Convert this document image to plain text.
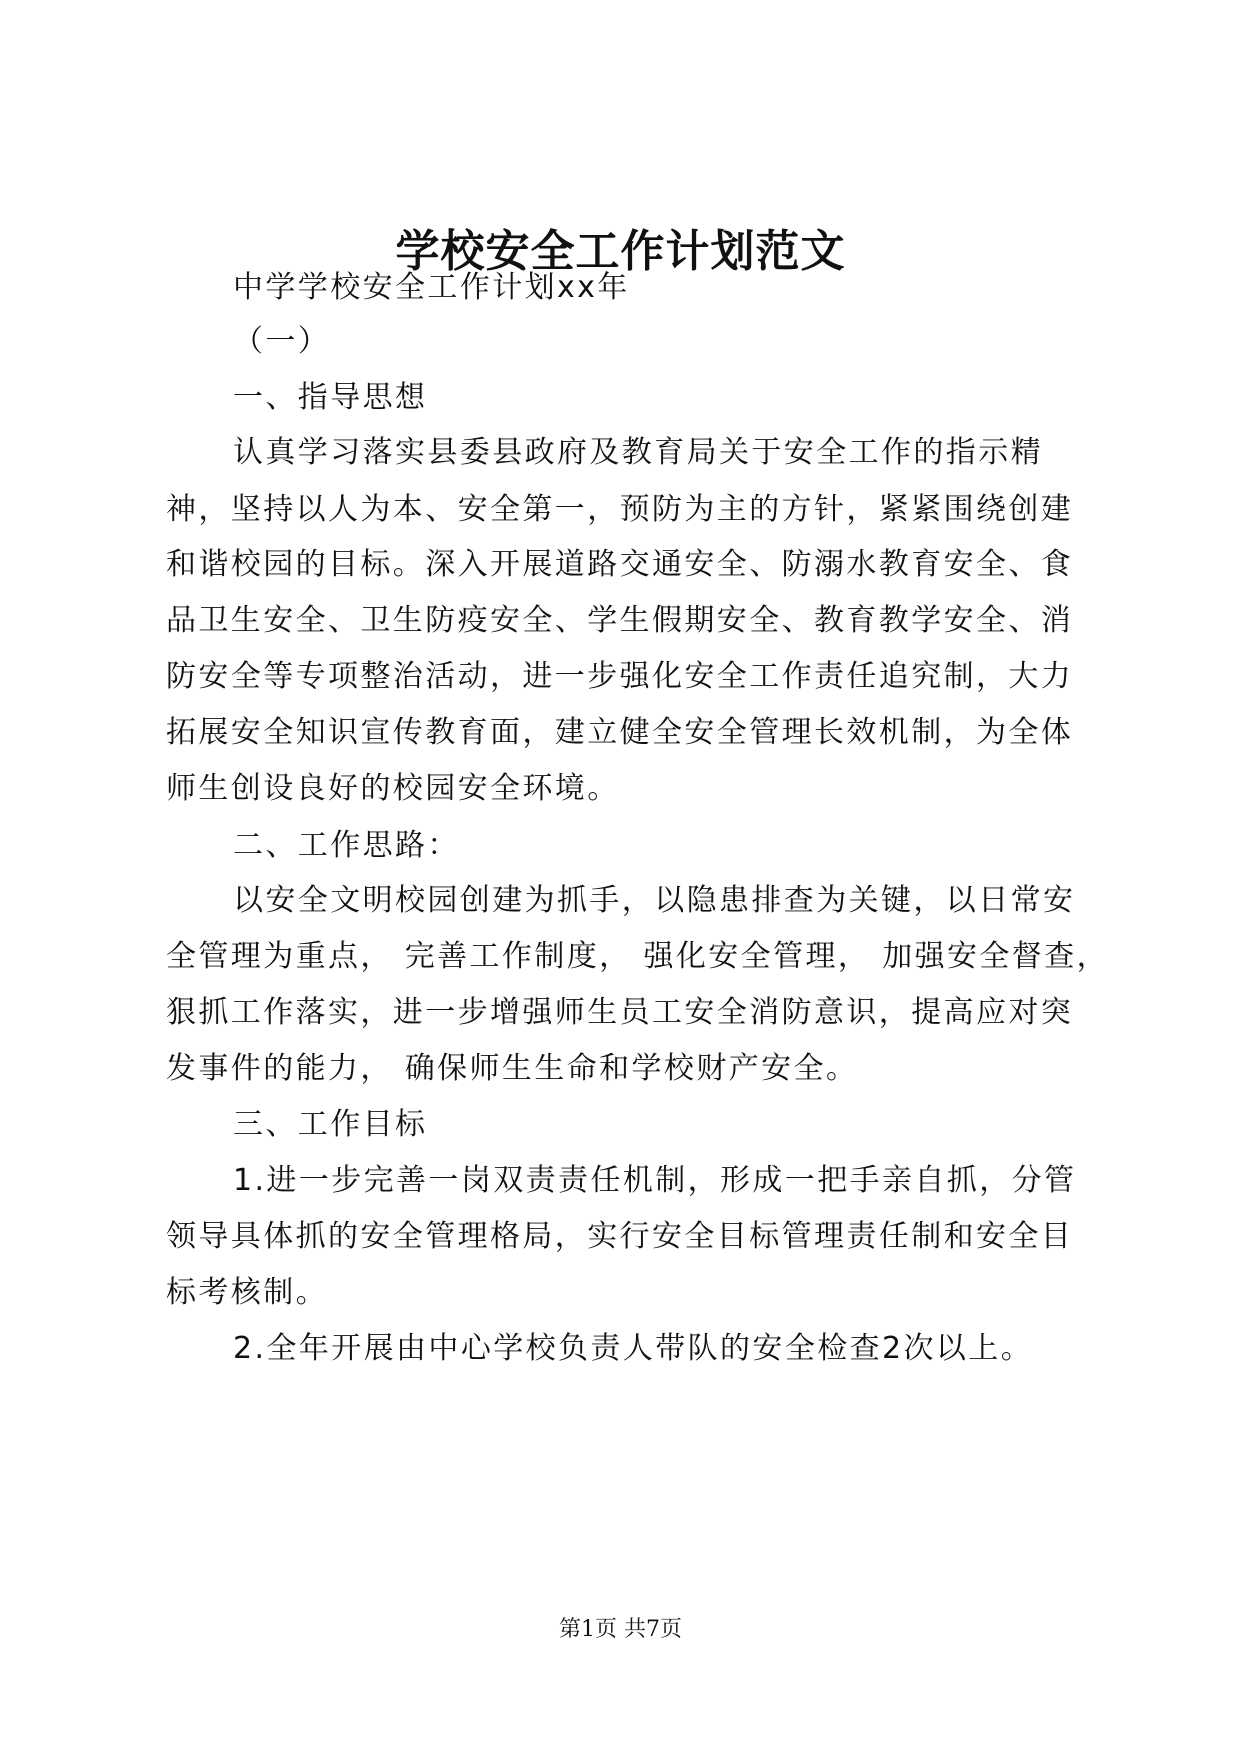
学校安全工作计划范文
中学学校安全工作计划xx年
（一）
一、指导思想
认真学习落实县委县政府及教育局关于安全工作的指示精
神，坚持以人为本、安全第一，预防为主的方针，紧紧围绕创建
和谐校园的目标。深入开展道路交通安全、防溺水教育安全、食
品卫生安全、卫生防疫安全、学生假期安全、教育教学安全、消
防安全等专项整治活动，进一步强化安全工作责任追究制，大力
拓展安全知识宣传教育面，建立健全安全管理长效机制，为全体
师生创设良好的校园安全环境。
二、工作思路：
以安全文明校园创建为抓手，以隐患排查为关键，以日常安
全管理为重点， 完善工作制度， 强化安全管理， 加强安全督查，
狠抓工作落实，进一步增强师生员工安全消防意识，提高应对突
发事件的能力， 确保师生生命和学校财产安全。
三、工作目标
1.进一步完善一岗双责责任机制，形成一把手亲自抓，分管
领导具体抓的安全管理格局，实行安全目标管理责任制和安全目
标考核制。
2.全年开展由中心学校负责人带队的安全检查2次以上。
第1页 共7页
